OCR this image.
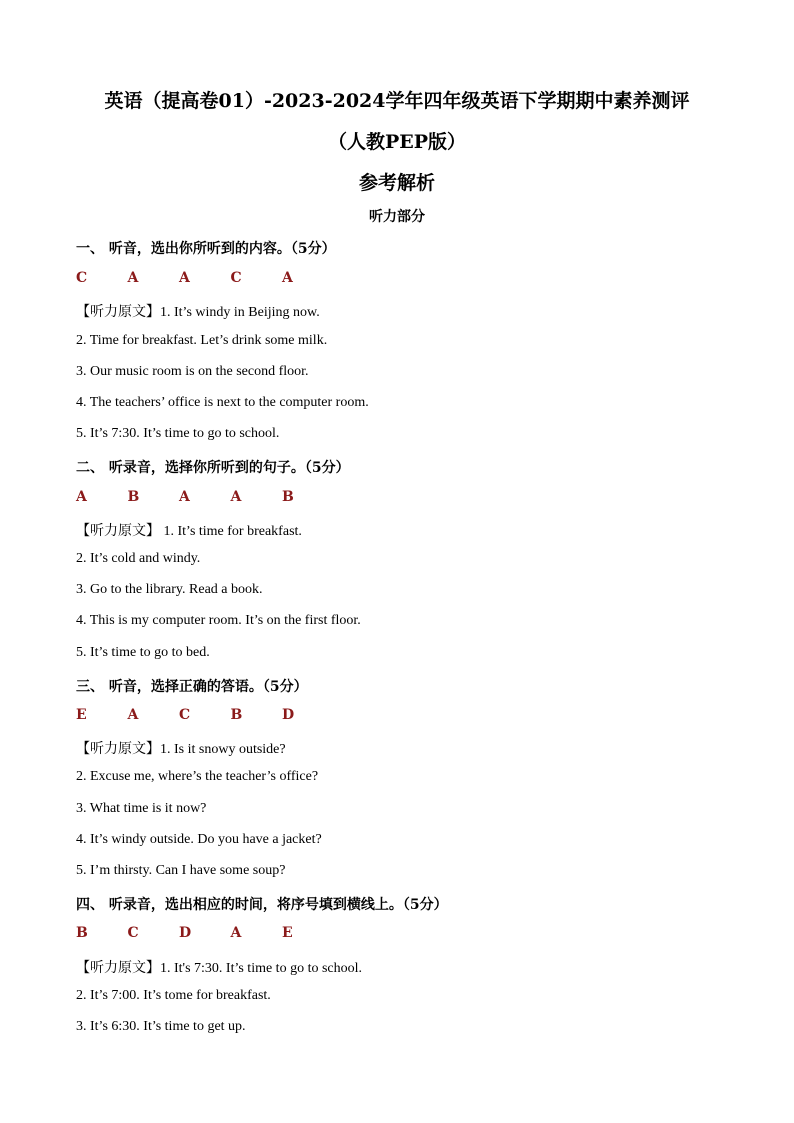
英语（提高卷01）-2023-2024学年四年级英语下学期期中素养测评
（人教PEP版）
参考解析
听力部分
一、 听音，选出你所听到的内容。（5分）
C	A	A	C	A
【听力原文】1. It’s windy in Beijing now.
2. Time for breakfast. Let’s drink some milk.
3. Our music room is on the second floor.
4. The teachers’ office is next to the computer room.
5. It’s 7:30. It’s time to go to school.
二、 听录音，选择你所听到的句子。（5分）
A	B	A	A	B
【听力原文】 1. It’s time for breakfast.
2. It’s cold and windy.
3. Go to the library. Read a book.
4. This is my computer room. It’s on the first floor.
5. It’s time to go to bed.
三、 听音，选择正确的答语。（5分）
E	A	C	B	D
【听力原文】1. Is it snowy outside?
2. Excuse me, where’s the teacher’s office?
3. What time is it now?
4. It’s windy outside. Do you have a jacket?
5. I’m thirsty. Can I have some soup?
四、 听录音，选出相应的时间，将序号填到横线上。（5分）
B	C	D	A	E
【听力原文】1. It's 7:30. It’s time to go to school.
2. It’s 7:00. It’s tome for breakfast.
3. It’s 6:30. It’s time to get up.
